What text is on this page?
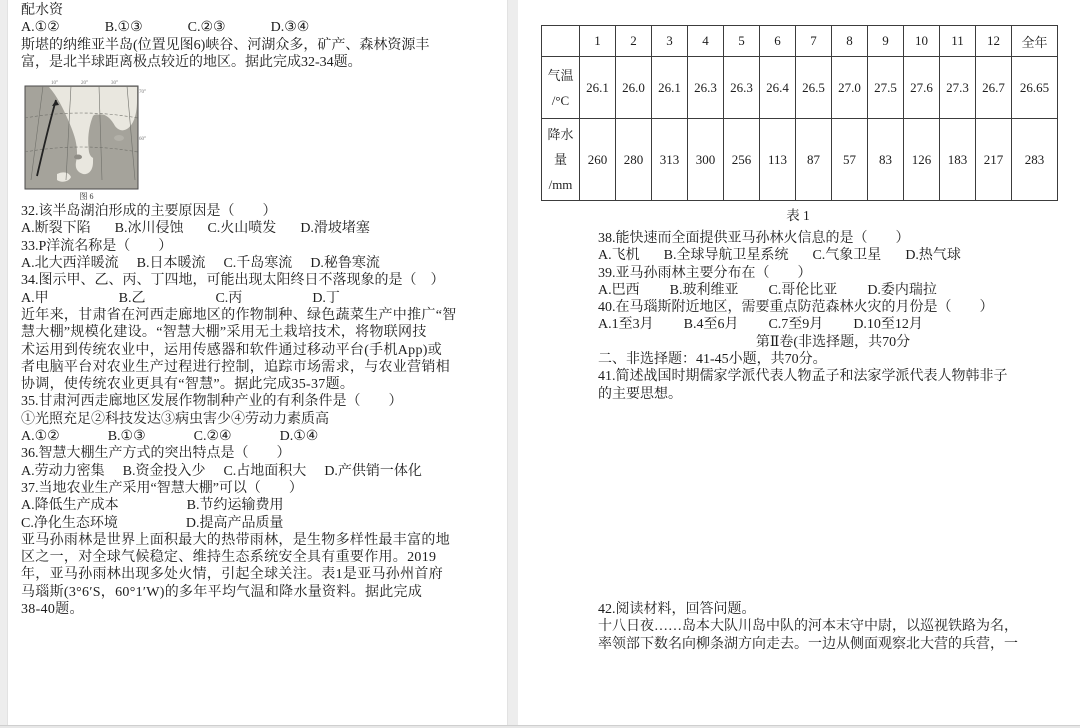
配水资
A.①②	B.①③	C.②③	D.③④
斯堪的纳维亚半岛(位置见图6)峡谷、河湖众多，矿产、森林资源丰
富，是北半球距离极点较近的地区。据此完成32-34题。
10°	20°	30°
70°
60°
图 6
32.该半岛湖泊形成的主要原因是（　　）
A.断裂下陷 B.冰川侵蚀 C.火山喷发 D.滑坡堵塞
33.P洋流名称是（　　）
A.北大西洋暖流 B.日本暖流 C.千岛寒流 D.秘鲁寒流
34.图示甲、乙、丙、丁四地，可能出现太阳终日不落现象的是（　）
A.甲	B.乙	C.丙	D.丁
近年来，甘肃省在河西走廊地区的作物制种、绿色蔬菜生产中推广“智
慧大棚”规模化建设。“智慧大棚”采用无土栽培技术，将物联网技
术运用到传统农业中，运用传感器和软件通过移动平台(手机App)或
者电脑平台对农业生产过程进行控制，追踪市场需求，与农业营销相
协调，使传统农业更具有“智慧”。据此完成35-37题。
35.甘肃河西走廊地区发展作物制种产业的有利条件是（　　）
①光照充足②科技发达③病虫害少④劳动力素质高
A.①②	B.①③	C.②④	D.①④
36.智慧大棚生产方式的突出特点是（　　）
A.劳动力密集 B.资金投入少 C.占地面积大 D.产供销一体化
37.当地农业生产采用“智慧大棚”可以（　　）
A.降低生产成本	B.节约运输费用
C.净化生态环境	D.提高产品质量
亚马孙雨林是世界上面积最大的热带雨林，是生物多样性最丰富的地
区之一，对全球气候稳定、维持生态系统安全具有重要作用。2019
年，亚马孙雨林出现多处火情，引起全球关注。表1是亚马孙州首府
马瑙斯(3°6′S，60°1′W)的多年平均气温和降水量资料。据此完成
38-40题。
	1	2	3	4	5	6	7	8	9	10	11	12	全年

气温
/°C	26.1	26.0	26.1	26.3	26.3	26.4	26.5	27.0	27.5	27.6	27.3	26.7	26.65

降水
量
/mm	260	280	313	300	256	113	87	57	83	126	183	217	283
表 1
38.能快速而全面提供亚马孙林火信息的是（　　）
A.飞机 B.全球导航卫星系统 C.气象卫星 D.热气球
39.亚马孙雨林主要分布在（　　）
A.巴西 B.玻利维亚 C.哥伦比亚 D.委内瑞拉
40.在马瑙斯附近地区，需要重点防范森林火灾的月份是（　　）
A.1至3月 B.4至6月 C.7至9月 D.10至12月
第Ⅱ卷(非选择题，共70分
二、非选择题：41-45小题，共70分。
41.简述战国时期儒家学派代表人物孟子和法家学派代表人物韩非子
的主要思想。
42.阅读材料，回答问题。
十八日夜……岛本大队川岛中队的河本末守中尉，以巡视铁路为名，
率领部下数名向柳条湖方向走去。一边从侧面观察北大营的兵营，一
